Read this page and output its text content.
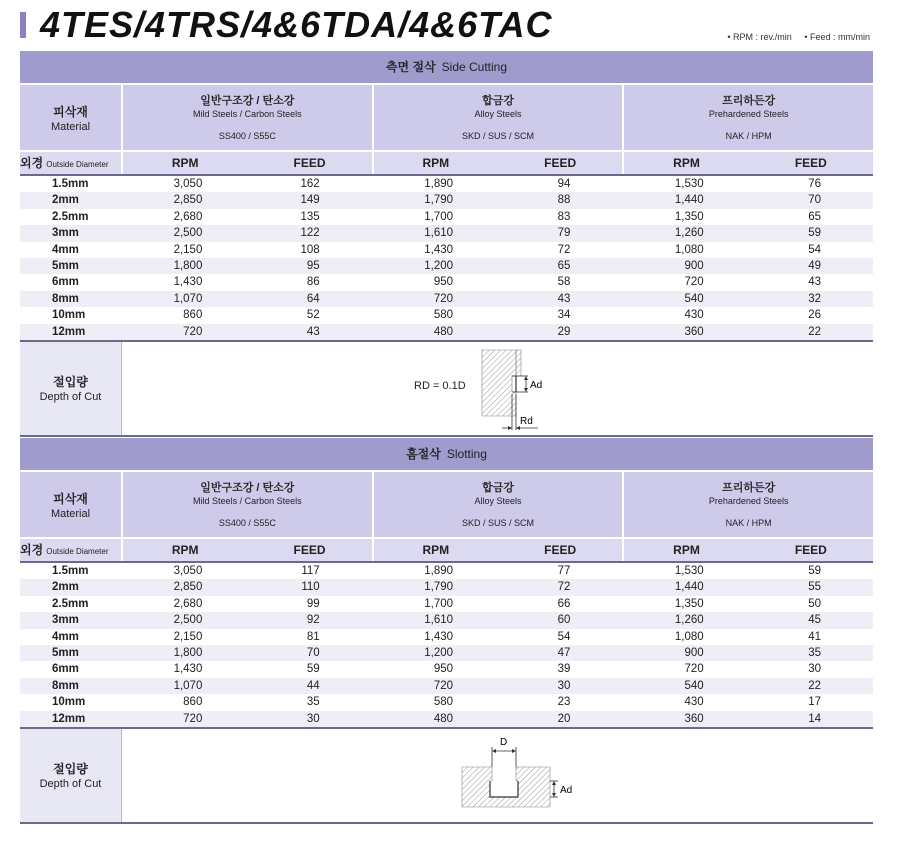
4TES/4TRS/4&6TDA/4&6TAC	• RPM : rev./min • Feed : mm/min
측면 절삭 Side Cutting
피삭재
Material
일반구조강 / 탄소강
Mild Steels / Carbon Steels
SS400 / S55C
합금강
Alloy Steels
SKD / SUS / SCM
프리하든강
Prehardened Steels
NAK / HPM
외경 Outside Diameter	RPM	FEED	RPM	FEED	RPM	FEED
1.5mm	3,050	162	1,890	94	1,530	76
2mm	2,850	149	1,790	88	1,440	70
2.5mm	2,680	135	1,700	83	1,350	65
3mm	2,500	122	1,610	79	1,260	59
4mm	2,150	108	1,430	72	1,080	54
5mm	1,800	95	1,200	65	900	49
6mm	1,430	86	950	58	720	43
8mm	1,070	64	720	43	540	32
10mm	860	52	580	34	430	26
12mm	720	43	480	29	360	22
절입량
Depth of Cut
RD = 0.1D	Ad
Rd
홈절삭 Slotting
피삭재
Material
일반구조강 / 탄소강
Mild Steels / Carbon Steels
SS400 / S55C
합금강
Alloy Steels
SKD / SUS / SCM
프리하든강
Prehardened Steels
NAK / HPM
외경 Outside Diameter	RPM	FEED	RPM	FEED	RPM	FEED
1.5mm	3,050	117	1,890	77	1,530	59
2mm	2,850	110	1,790	72	1,440	55
2.5mm	2,680	99	1,700	66	1,350	50
3mm	2,500	92	1,610	60	1,260	45
4mm	2,150	81	1,430	54	1,080	41
5mm	1,800	70	1,200	47	900	35
6mm	1,430	59	950	39	720	30
8mm	1,070	44	720	30	540	22
10mm	860	35	580	23	430	17
12mm	720	30	480	20	360	14
절입량
Depth of Cut
D
Ad
